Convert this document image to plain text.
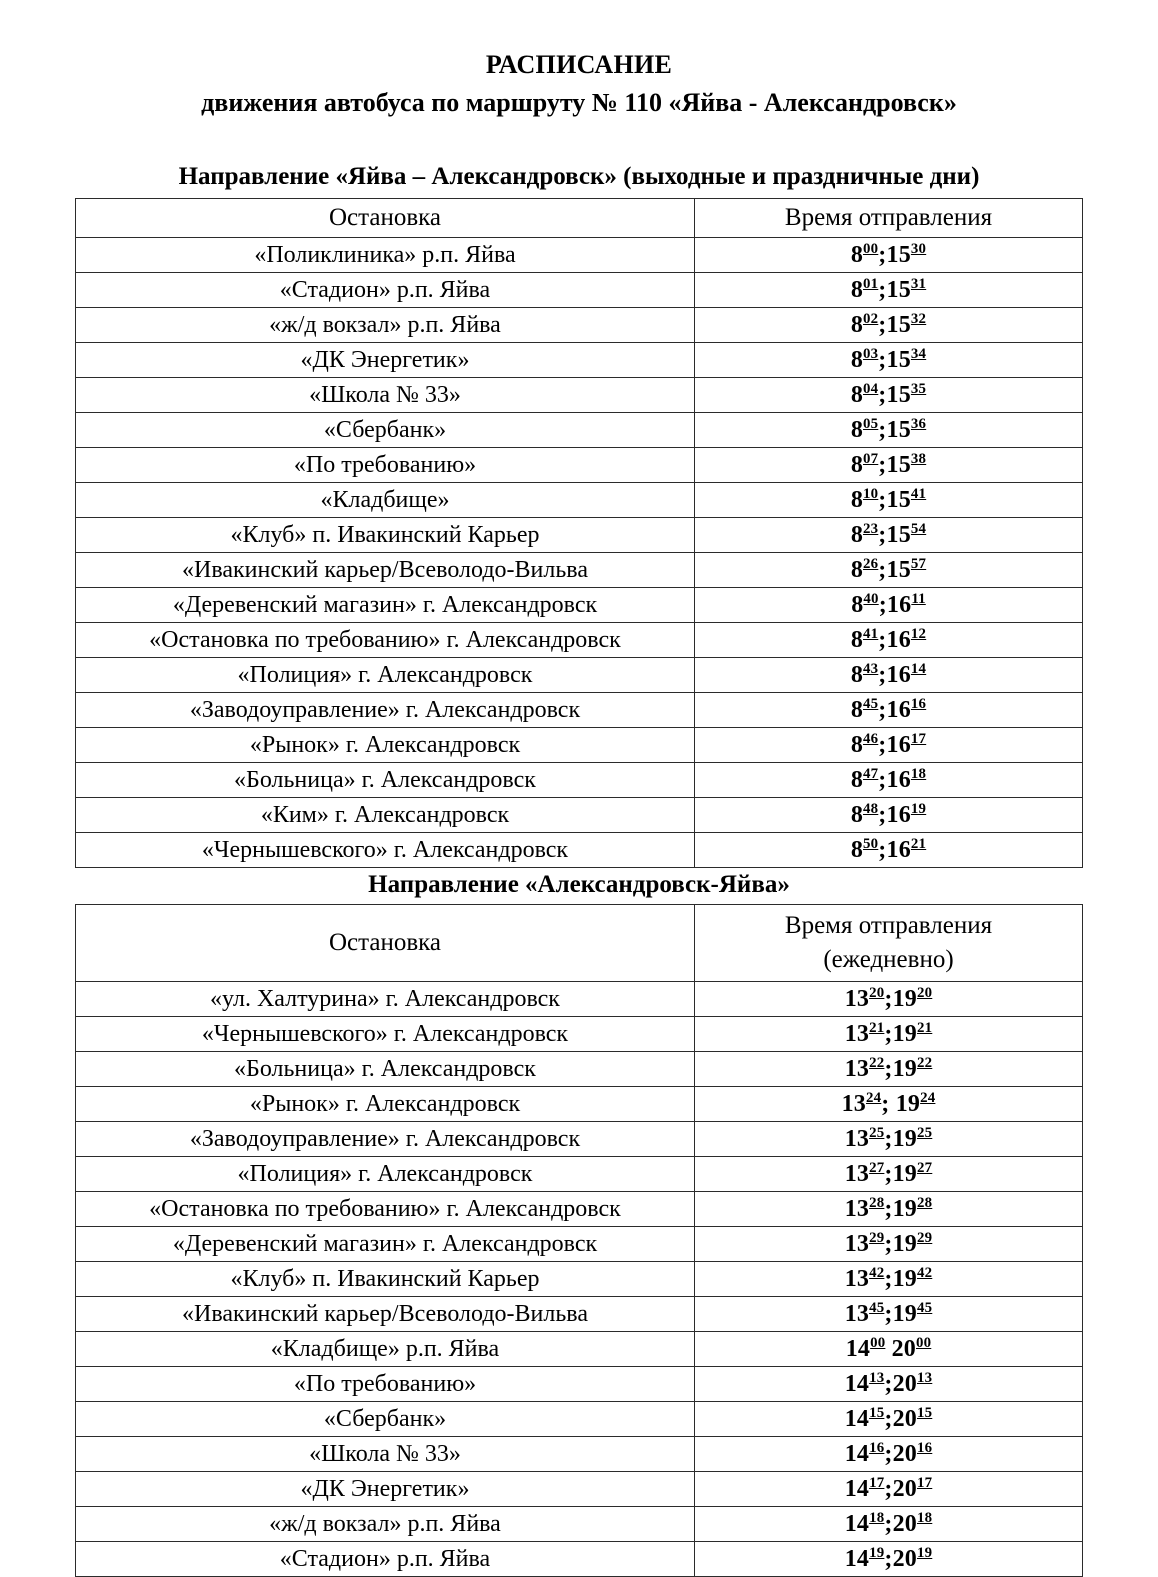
РАСПИСАНИЕ
движения автобуса по маршруту № 110 «Яйва - Александровск»
Направление «Яйва – Александровск» (выходные и праздничные дни)
Остановка	Время отправления

«Поликлиника» р.п. Яйва	$8^{00};15^{30}$
«Стадион» р.п. Яйва	$8^{01};15^{31}$
«ж/д вокзал» р.п. Яйва	$8^{02};15^{32}$
«ДК Энергетик»	$8^{03};15^{34}$
«Школа № 33»	$8^{04};15^{35}$
«Сбербанк»	$8^{05};15^{36}$
«По требованию»	$8^{07};15^{38}$
«Кладбище»	$8^{10};15^{41}$
«Клуб» п. Ивакинский Карьер	$8^{23};15^{54}$
«Ивакинский карьер/Всеволодо-Вильва	$8^{26};15^{57}$
«Деревенский магазин» г. Александровск	$8^{40};16^{11}$
«Остановка по требованию» г. Александровск	$8^{41};16^{12}$
«Полиция» г. Александровск	$8^{43};16^{14}$
«Заводоуправление» г. Александровск	$8^{45};16^{16}$
«Рынок» г. Александровск	$8^{46};16^{17}$
«Больница» г. Александровск	$8^{47};16^{18}$
«Ким» г. Александровск	$8^{48};16^{19}$
«Чернышевского» г. Александровск	$8^{50};16^{21}$
Направление «Александровск-Яйва»
Остановка	Время отправления
(ежедневно)

«ул. Халтурина» г. Александровск	$13^{20};19^{20}$
«Чернышевского» г. Александровск	$13^{21};19^{21}$
«Больница» г. Александровск	$13^{22};19^{22}$
«Рынок» г. Александровск	$13^{24}$; $19^{24}$
«Заводоуправление» г. Александровск	$13^{25};19^{25}$
«Полиция» г. Александровск	$13^{27};19^{27}$
«Остановка по требованию» г. Александровск	$13^{28};19^{28}$
«Деревенский магазин» г. Александровск	$13^{29};19^{29}$
«Клуб» п. Ивакинский Карьер	$13^{42};19^{42}$
«Ивакинский карьер/Всеволодо-Вильва	$13^{45};19^{45}$
«Кладбище» р.п. Яйва	$14^{00}$ $20^{00}$
«По требованию»	$14^{13};20^{13}$
«Сбербанк»	$14^{15};20^{15}$
«Школа № 33»	$14^{16};20^{16}$
«ДК Энергетик»	$14^{17};20^{17}$
«ж/д вокзал» р.п. Яйва	$14^{18};20^{18}$
«Стадион» р.п. Яйва	$14^{19};20^{19}$
